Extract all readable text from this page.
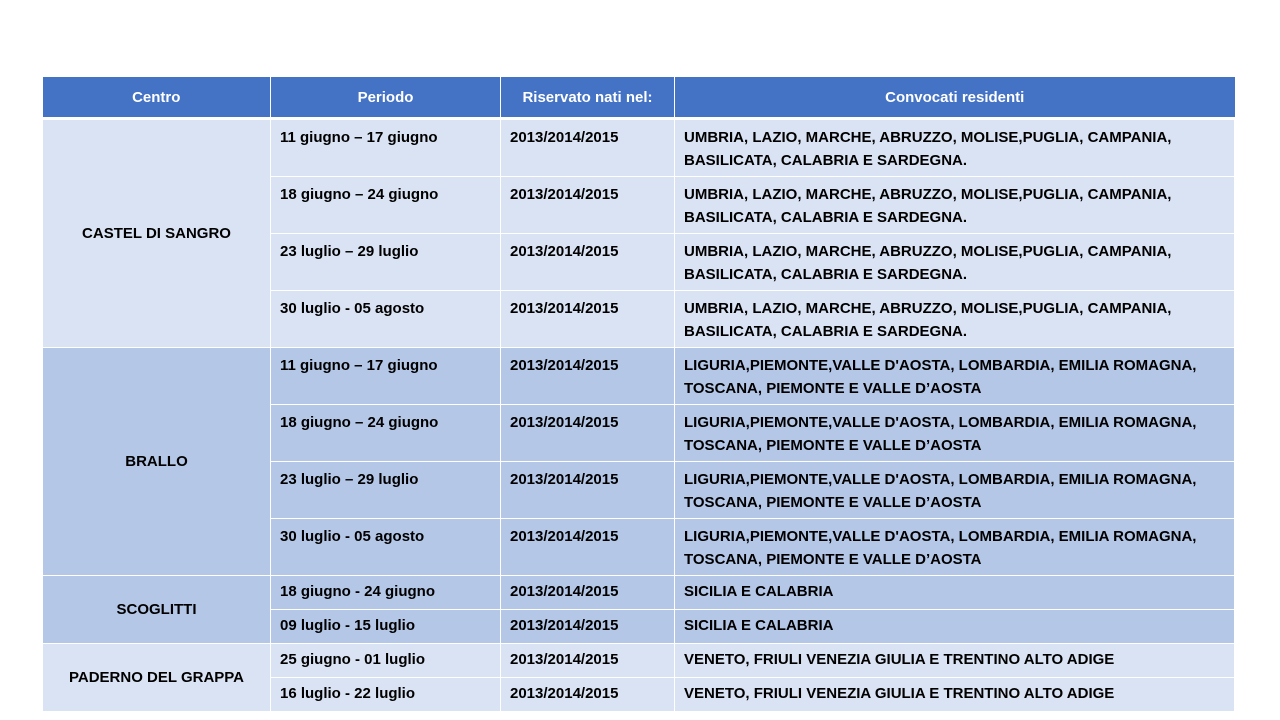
Centro	Periodo	Riservato nati nel:	Convocati residenti
CASTEL DI SANGRO	11 giugno – 17 giugno	2013/2014/2015	UMBRIA, LAZIO, MARCHE, ABRUZZO, MOLISE,PUGLIA, CAMPANIA, BASILICATA, CALABRIA E SARDEGNA.
	18 giugno – 24 giugno	2013/2014/2015	UMBRIA, LAZIO, MARCHE, ABRUZZO, MOLISE,PUGLIA, CAMPANIA, BASILICATA, CALABRIA E SARDEGNA.
	23 luglio – 29 luglio	2013/2014/2015	UMBRIA, LAZIO, MARCHE, ABRUZZO, MOLISE,PUGLIA, CAMPANIA, BASILICATA, CALABRIA E SARDEGNA.
	30 luglio - 05 agosto	2013/2014/2015	UMBRIA, LAZIO, MARCHE, ABRUZZO, MOLISE,PUGLIA, CAMPANIA, BASILICATA, CALABRIA E SARDEGNA.
BRALLO	11 giugno – 17 giugno	2013/2014/2015	LIGURIA,PIEMONTE,VALLE D'AOSTA, LOMBARDIA, EMILIA ROMAGNA, TOSCANA, PIEMONTE E VALLE D’AOSTA
	18 giugno – 24 giugno	2013/2014/2015	LIGURIA,PIEMONTE,VALLE D'AOSTA, LOMBARDIA, EMILIA ROMAGNA, TOSCANA, PIEMONTE E VALLE D’AOSTA
	23 luglio – 29 luglio	2013/2014/2015	LIGURIA,PIEMONTE,VALLE D'AOSTA, LOMBARDIA, EMILIA ROMAGNA, TOSCANA, PIEMONTE E VALLE D’AOSTA
	30 luglio - 05 agosto	2013/2014/2015	LIGURIA,PIEMONTE,VALLE D'AOSTA, LOMBARDIA, EMILIA ROMAGNA, TOSCANA, PIEMONTE E VALLE D’AOSTA
SCOGLITTI	18 giugno - 24 giugno	2013/2014/2015	SICILIA E CALABRIA
	09 luglio - 15 luglio	2013/2014/2015	SICILIA E CALABRIA
PADERNO DEL GRAPPA	25 giugno - 01 luglio	2013/2014/2015	VENETO, FRIULI VENEZIA GIULIA E TRENTINO ALTO ADIGE
	16 luglio - 22 luglio	2013/2014/2015	VENETO, FRIULI VENEZIA GIULIA E TRENTINO ALTO ADIGE
